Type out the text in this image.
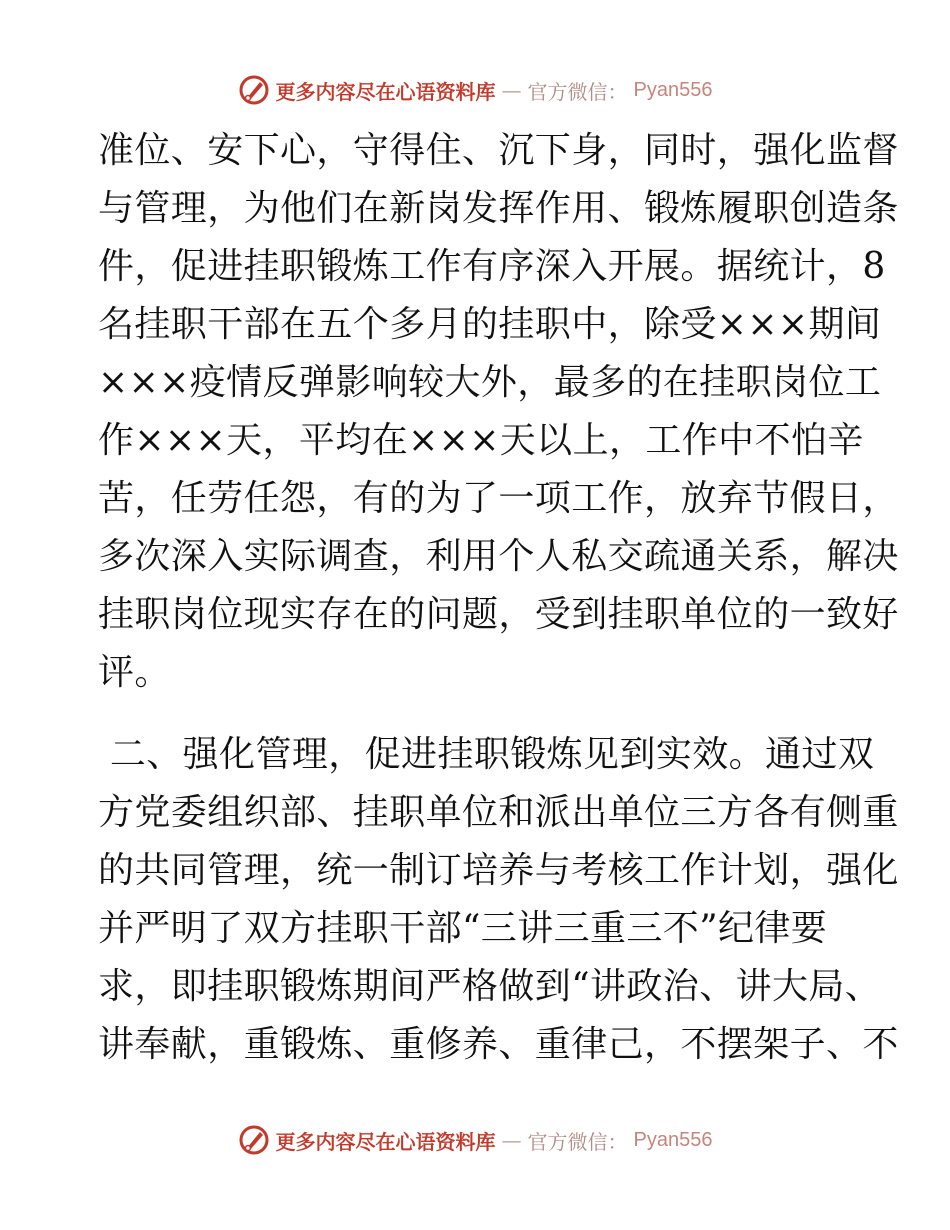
更多内容尽在心语资料库 — 官方微信： Pyan556
准位、安下心，守得住、沉下身，同时，强化监督
与管理，为他们在新岗发挥作用、锻炼履职创造条
件，促进挂职锻炼工作有序深入开展。据统计，8
名挂职干部在五个多月的挂职中，除受×××期间
×××疫情反弹影响较大外，最多的在挂职岗位工
作×××天，平均在×××天以上，工作中不怕辛
苦，任劳任怨，有的为了一项工作，放弃节假日，
多次深入实际调查，利用个人私交疏通关系，解决
挂职岗位现实存在的问题，受到挂职单位的一致好
评。
二、强化管理，促进挂职锻炼见到实效。通过双
方党委组织部、挂职单位和派出单位三方各有侧重
的共同管理，统一制订培养与考核工作计划，强化
并严明了双方挂职干部“三讲三重三不”纪律要
求，即挂职锻炼期间严格做到“讲政治、讲大局、
讲奉献，重锻炼、重修养、重律己，不摆架子、不
更多内容尽在心语资料库 — 官方微信： Pyan556
